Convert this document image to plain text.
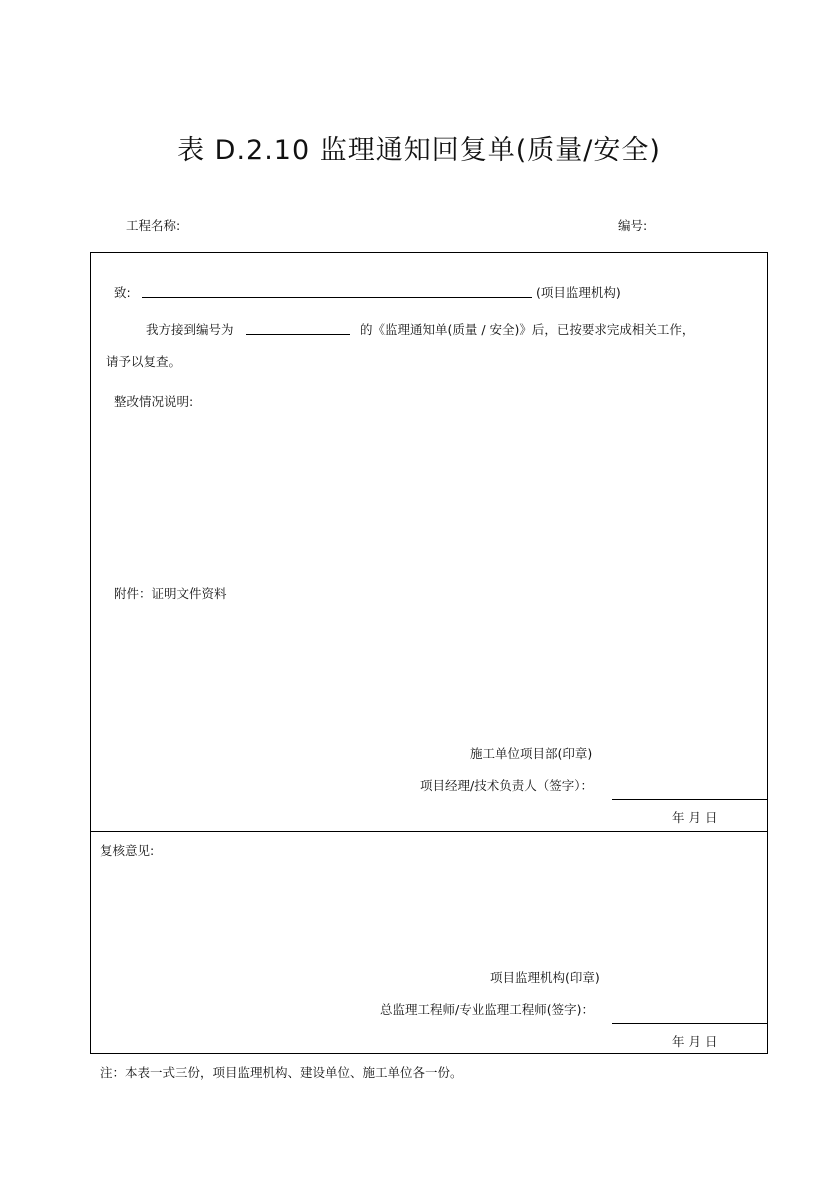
表 D.2.10 监理通知回复单(质量/安全)
工程名称:	编号:
致:	(项目监理机构)
我方接到编号为	的《监理通知单(质量 / 安全)》后，已按要求完成相关工作，
请予以复查。
整改情况说明:
附件：证明文件资料
施工单位项目部(印章)
项目经理/技术负责人（签字）：
年 月 日
复核意见:
项目监理机构(印章)
总监理工程师/专业监理工程师(签字)：
年 月 日
注：本表一式三份，项目监理机构、建设单位、施工单位各一份。
